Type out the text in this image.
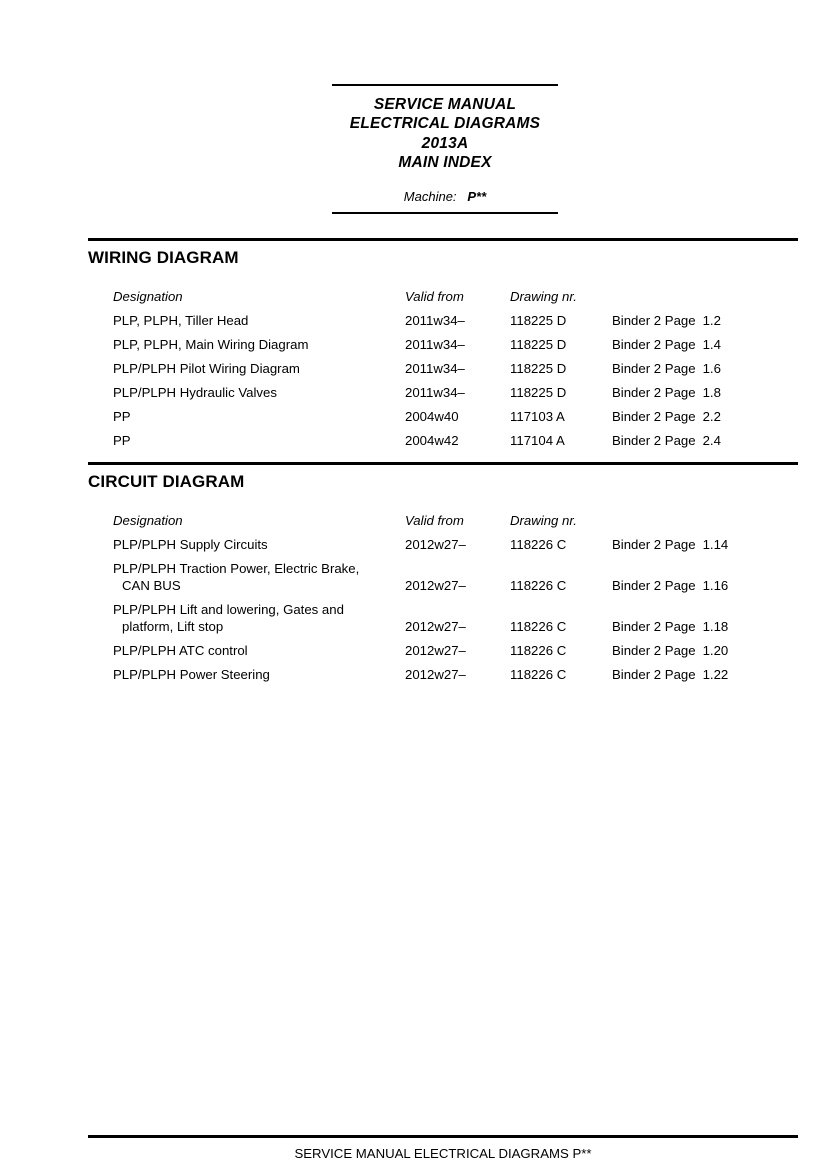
SERVICE MANUAL
ELECTRICAL DIAGRAMS
2013A
MAIN INDEX
Machine: P**
WIRING DIAGRAM
Designation	Valid from	Drawing nr.
PLP, PLPH, Tiller Head	2011w34–	118225 D	Binder 2 Page 1.2
PLP, PLPH, Main Wiring Diagram	2011w34–	118225 D	Binder 2 Page 1.4
PLP/PLPH Pilot Wiring Diagram	2011w34–	118225 D	Binder 2 Page 1.6
PLP/PLPH Hydraulic Valves	2011w34–	118225 D	Binder 2 Page 1.8
PP	2004w40	117103 A	Binder 2 Page 2.2
PP	2004w42	117104 A	Binder 2 Page 2.4
CIRCUIT DIAGRAM
Designation	Valid from	Drawing nr.
PLP/PLPH Supply Circuits	2012w27–	118226 C	Binder 2 Page 1.14
PLP/PLPH Traction Power, Electric Brake,
CAN BUS	2012w27–	118226 C	Binder 2 Page 1.16
PLP/PLPH Lift and lowering, Gates and
platform, Lift stop	2012w27–	118226 C	Binder 2 Page 1.18
PLP/PLPH ATC control	2012w27–	118226 C	Binder 2 Page 1.20
PLP/PLPH Power Steering	2012w27–	118226 C	Binder 2 Page 1.22
SERVICE MANUAL ELECTRICAL DIAGRAMS P**
